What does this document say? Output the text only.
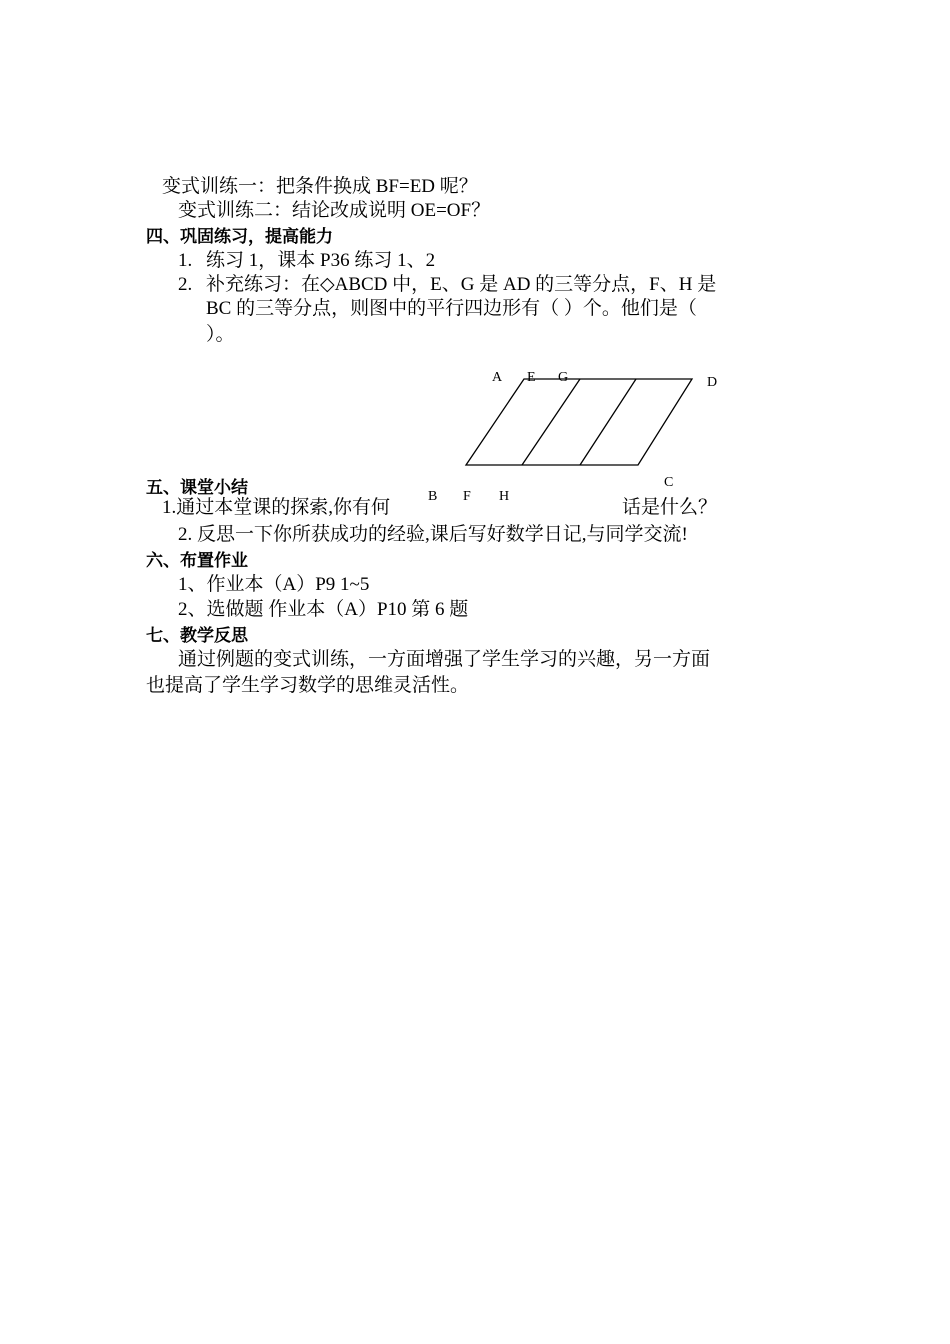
变式训练一：把条件换成 BF=ED 呢？
变式训练二：结论改成说明 OE=OF？
四、巩固练习，提高能力
1. 练习 1，课本 P36 练习 1、2
2. 补充练习：在◇ABCD 中，E、G 是 AD 的三等分点，F、H 是
BC 的三等分点，则图中的平行四边形有（ ）个。他们是（
）。
五、课堂小结
1.通过本堂课的探索,你有何	话是什么？
2. 反思一下你所获成功的经验,课后写好数学日记,与同学交流!
六、布置作业
1、作业本（A）P9 1~5
2、选做题 作业本（A）P10 第 6 题
七、教学反思
通过例题的变式训练，一方面增强了学生学习的兴趣，另一方面
也提高了学生学习数学的思维灵活性。
A E G	D
C
B F H
